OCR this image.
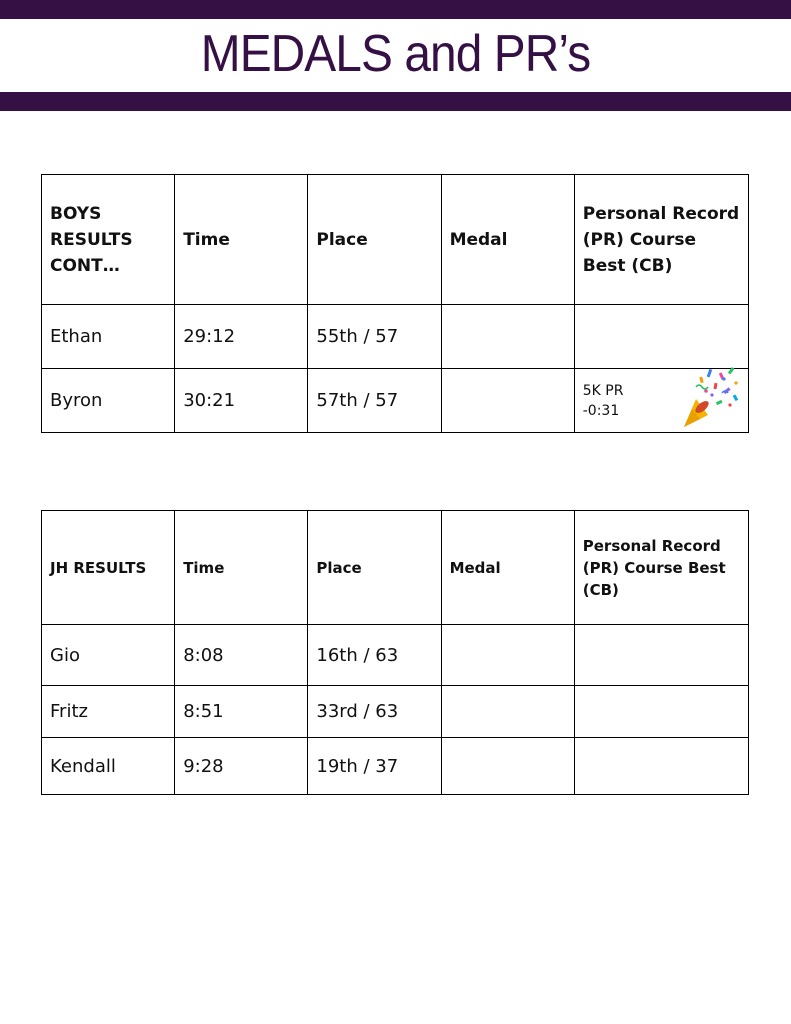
MEDALS and PR’s
BOYS RESULTS CONT…	Time	Place	Medal	Personal Record (PR) Course Best (CB)
Ethan	29:12	55th / 57		

Byron	30:21	57th / 57		5K PR
-0:31
JH RESULTS	Time	Place	Medal	Personal Record (PR) Course Best (CB)
Gio	8:08	16th / 63		
Fritz	8:51	33rd / 63		
Kendall	9:28	19th / 37		
